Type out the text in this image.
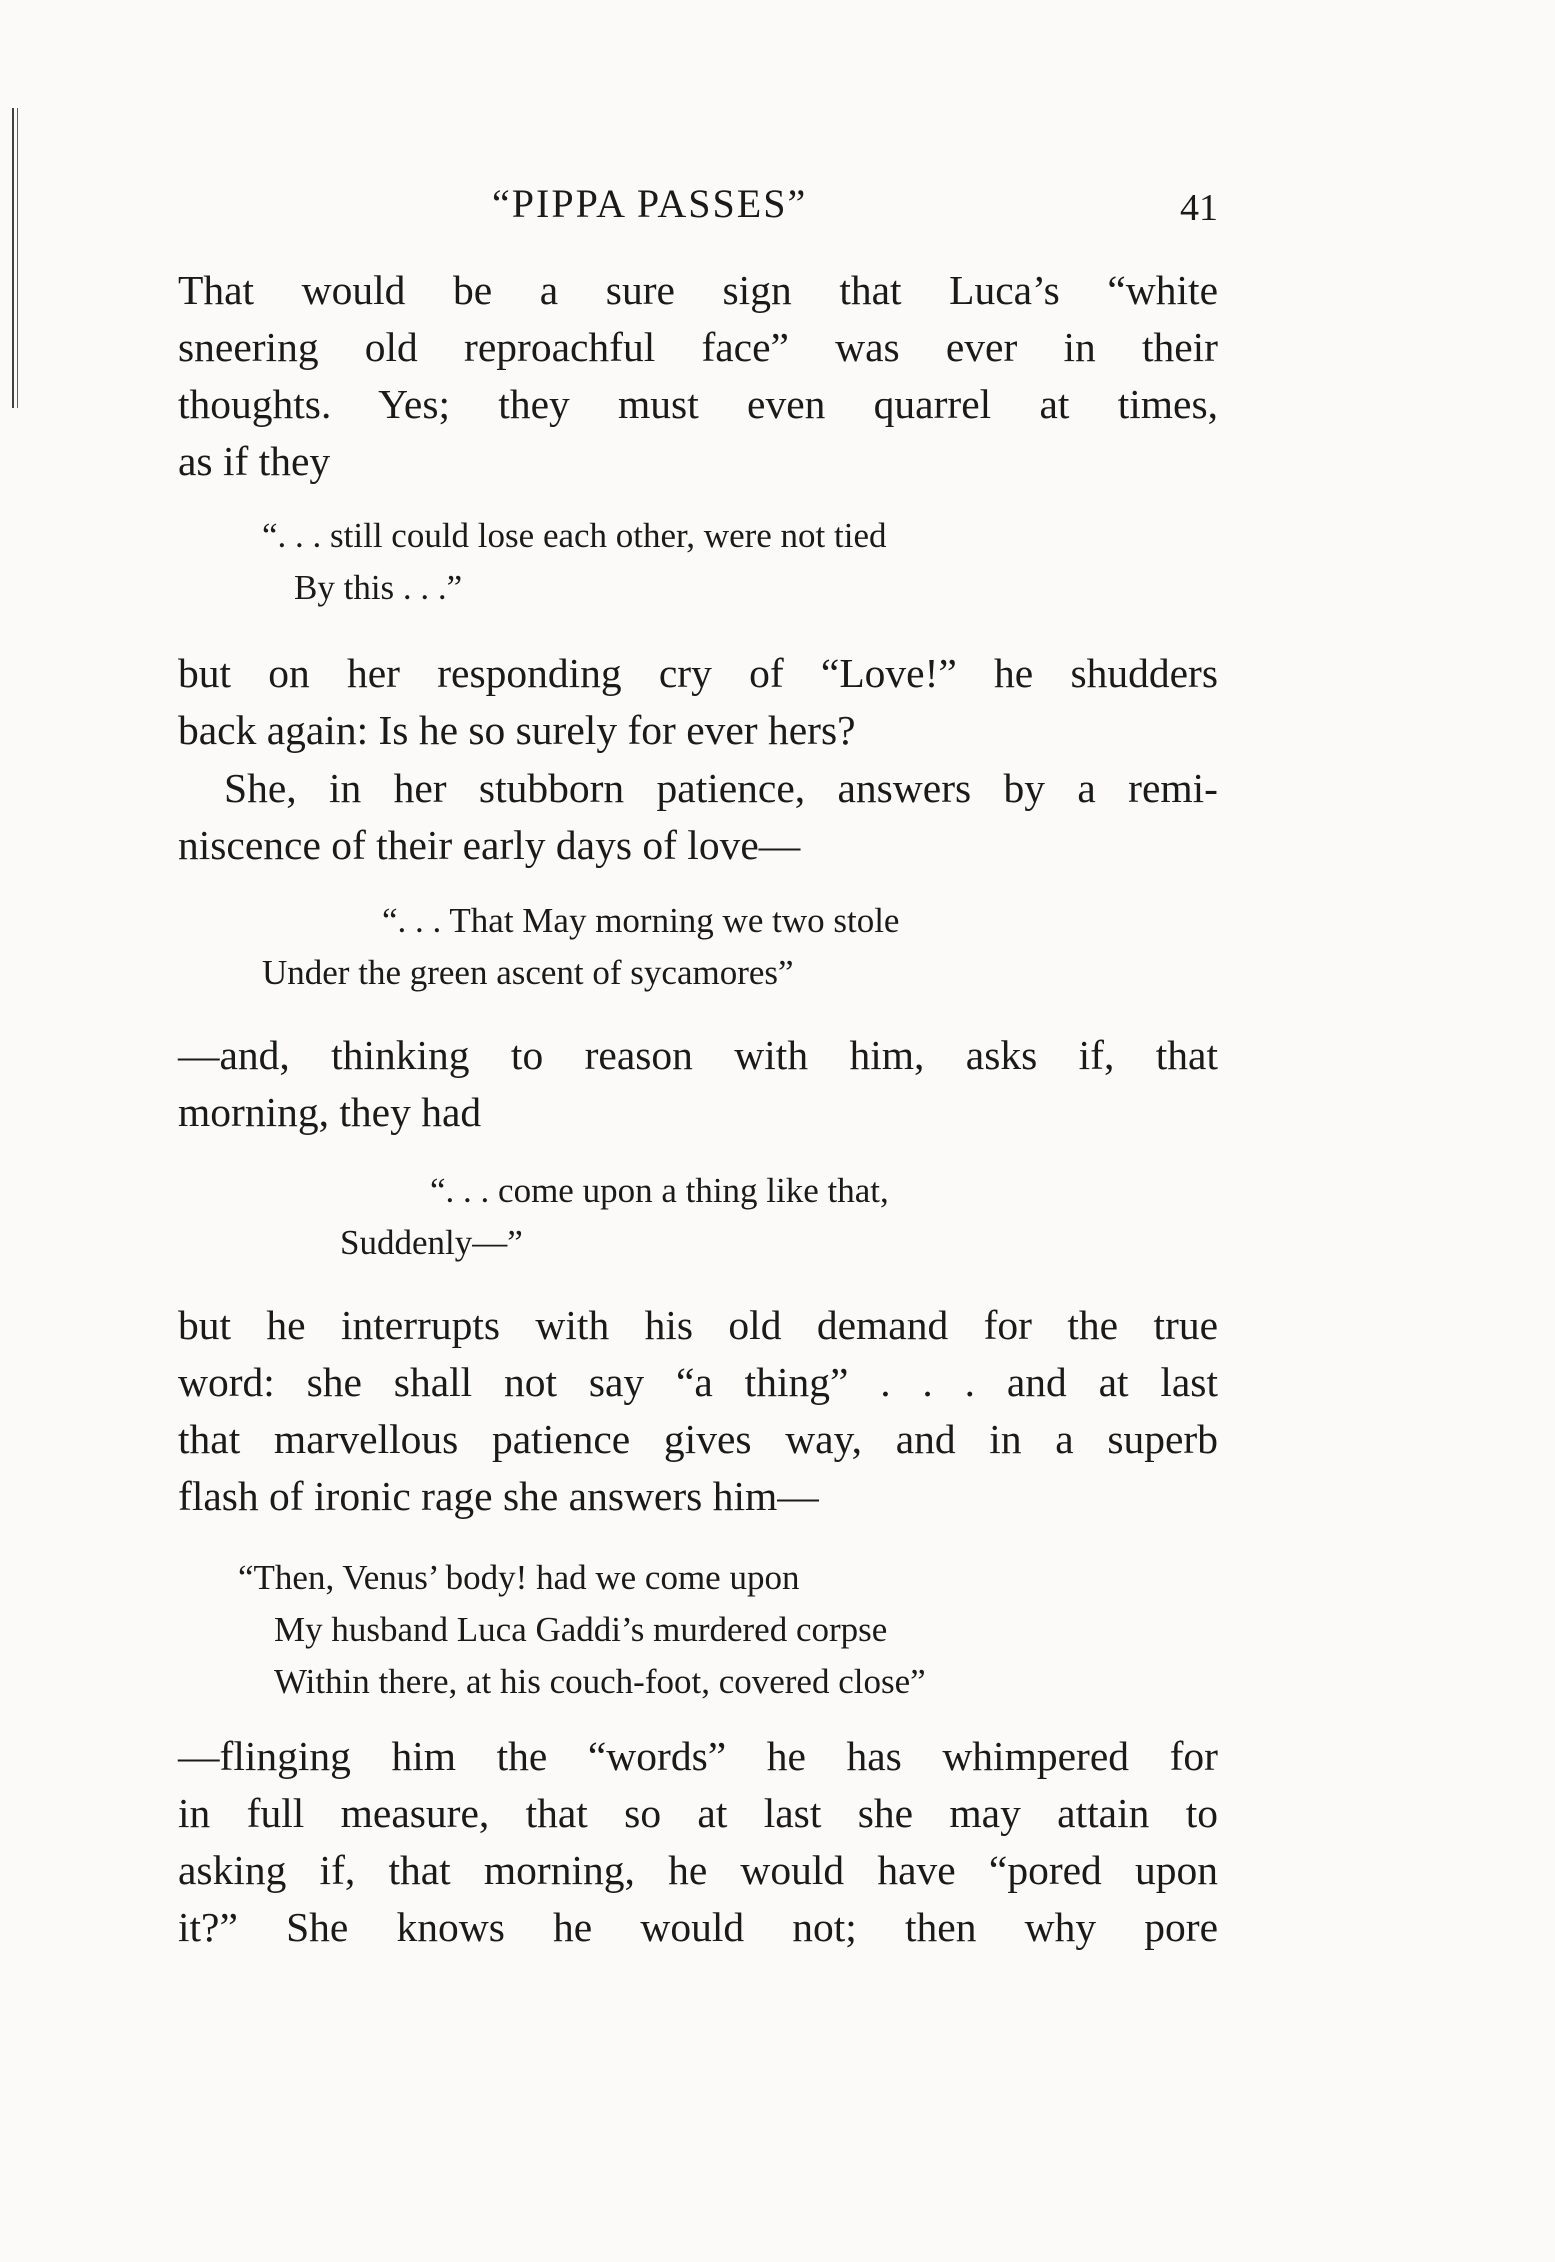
“PIPPA PASSES”	41

That would be a sure sign that Luca’s “white
sneering old reproachful face” was ever in their
thoughts. Yes; they must even quarrel at times,
as if they

“. . . still could lose each other, were not tied
By this . . .”

but on her responding cry of “Love!” he shudders
back again: Is he so surely for ever hers?

She, in her stubborn patience, answers by a remi-
niscence of their early days of love—

“. . . That May morning we two stole
Under the green ascent of sycamores”

—and, thinking to reason with him, asks if, that
morning, they had

“. . . come upon a thing like that,
Suddenly—”

but he interrupts with his old demand for the true
word: she shall not say “a thing” . . . and at last
that marvellous patience gives way, and in a superb
flash of ironic rage she answers him—

“Then, Venus’ body! had we come upon
My husband Luca Gaddi’s murdered corpse
Within there, at his couch-foot, covered close”

—flinging him the “words” he has whimpered for
in full measure, that so at last she may attain to
asking if, that morning, he would have “pored upon
it?” She knows he would not; then why pore
